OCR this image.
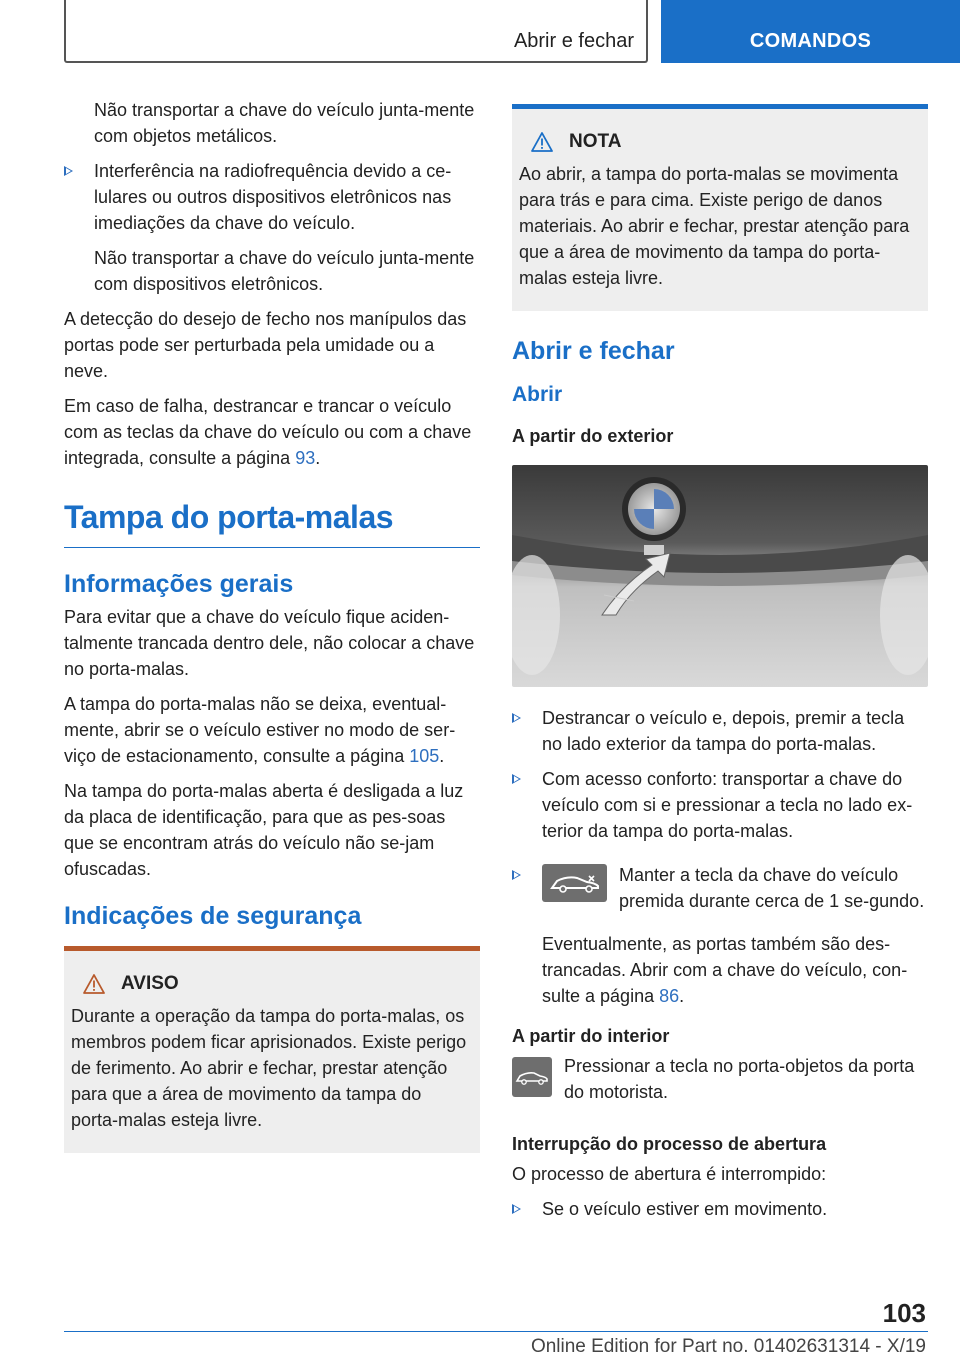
Abrir e fechar	COMANDOS

Não transportar a chave do veículo junta-mente com objetos metálicos.

Interferência na radiofrequência devido a ce-lulares ou outros dispositivos eletrônicos nas imediações da chave do veículo.

Não transportar a chave do veículo junta-mente com dispositivos eletrônicos.

A detecção do desejo de fecho nos manípulos das portas pode ser perturbada pela umidade ou a neve.

Em caso de falha, destrancar e trancar o veículo com as teclas da chave do veículo ou com a chave integrada, consulte a página 93.

Tampa do porta-malas
Informações gerais

Para evitar que a chave do veículo fique aciden-talmente trancada dentro dele, não colocar a chave no porta-malas.

A tampa do porta-malas não se deixa, eventual-mente, abrir se o veículo estiver no modo de ser-viço de estacionamento, consulte a página 105.

Na tampa do porta-malas aberta é desligada a luz da placa de identificação, para que as pes-soas que se encontram atrás do veículo não se-jam ofuscadas.

Indicações de segurança
AVISO
Durante a operação da tampa do porta-malas, os membros podem ficar aprisionados. Existe perigo de ferimento. Ao abrir e fechar, prestar atenção para que a área de movimento da tampa do porta-malas esteja livre.
NOTA
Ao abrir, a tampa do porta-malas se movimenta para trás e para cima. Existe perigo de danos materiais. Ao abrir e fechar, prestar atenção para que a área de movimento da tampa do porta-malas esteja livre.
Abrir e fechar
Abrir
A partir do exterior
Destrancar o veículo e, depois, premir a tecla no lado exterior da tampa do porta-malas.
Com acesso conforto: transportar a chave do veículo com si e pressionar a tecla no lado ex-terior da tampa do porta-malas.
Manter a tecla da chave do veículo premida durante cerca de 1 se-gundo.

Eventualmente, as portas também são des-trancadas. Abrir com a chave do veículo, con-sulte a página 86.

A partir do interior
Pressionar a tecla no porta-objetos da porta do motorista.
Interrupção do processo de abertura

O processo de abertura é interrompido:

Se o veículo estiver em movimento.
103
Online Edition for Part no. 01402631314 - X/19
